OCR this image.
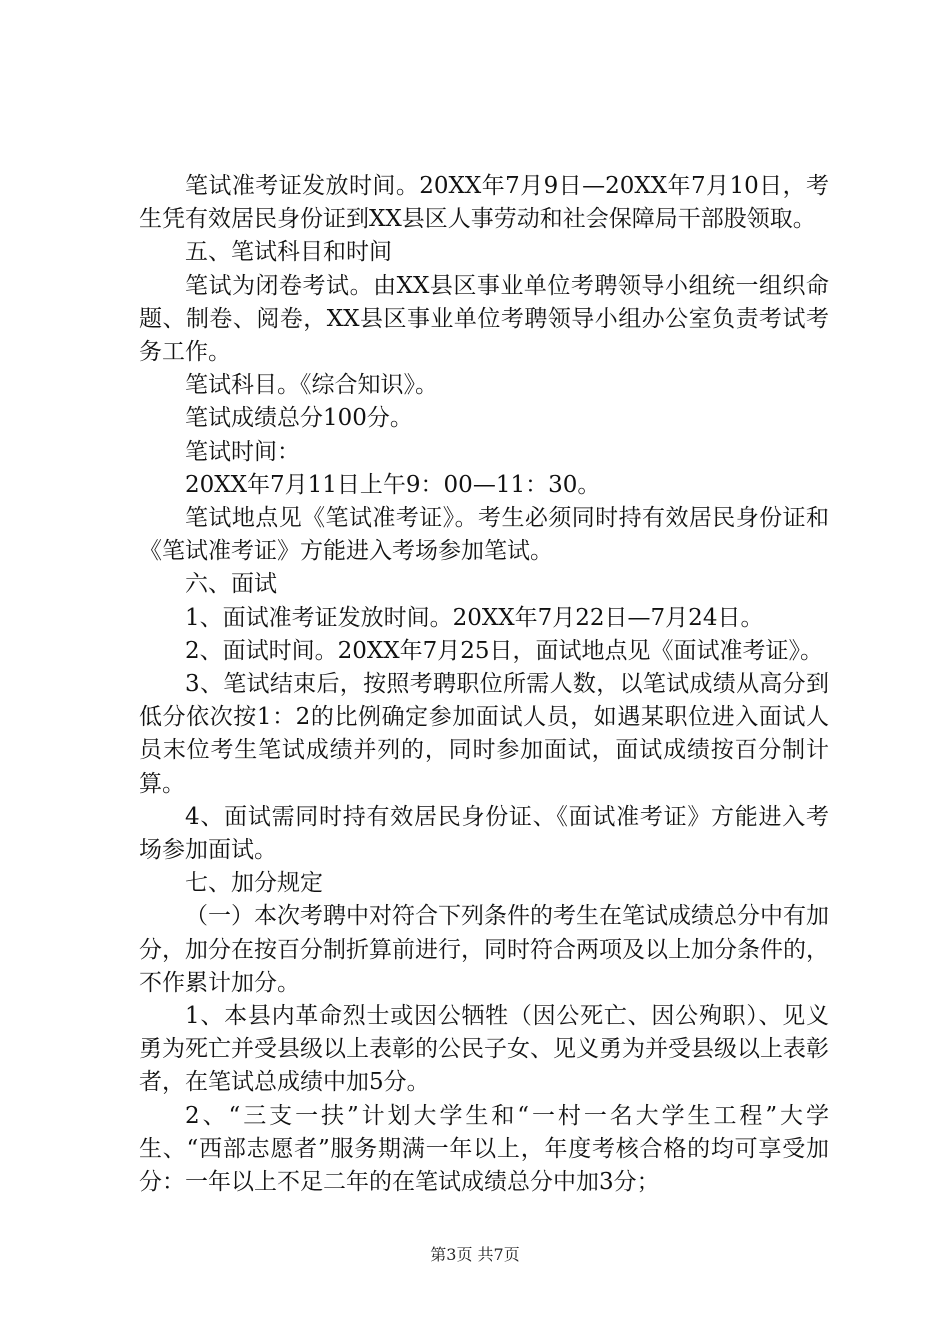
笔试准考证发放时间。20XX年7月9日—20XX年7月10日，考生凭有效居民身份证到XX县区人事劳动和社会保障局干部股领取。

五、笔试科目和时间

笔试为闭卷考试。由XX县区事业单位考聘领导小组统一组织命题、制卷、阅卷，XX县区事业单位考聘领导小组办公室负责考试考务工作。

笔试科目。《综合知识》。

笔试成绩总分100分。

笔试时间：

20XX年7月11日上午9：00—11：30。

笔试地点见《笔试准考证》。考生必须同时持有效居民身份证和《笔试准考证》方能进入考场参加笔试。

六、面试

1、面试准考证发放时间。20XX年7月22日—7月24日。

2、面试时间。20XX年7月25日，面试地点见《面试准考证》。

3、笔试结束后，按照考聘职位所需人数，以笔试成绩从高分到低分依次按1：2的比例确定参加面试人员，如遇某职位进入面试人员末位考生笔试成绩并列的，同时参加面试，面试成绩按百分制计算。

4、面试需同时持有效居民身份证、《面试准考证》方能进入考场参加面试。

七、加分规定

（一）本次考聘中对符合下列条件的考生在笔试成绩总分中有加分，加分在按百分制折算前进行，同时符合两项及以上加分条件的，不作累计加分。

1、本县内革命烈士或因公牺牲（因公死亡、因公殉职）、见义勇为死亡并受县级以上表彰的公民子女、见义勇为并受县级以上表彰者，在笔试总成绩中加5分。

2、“三支一扶”计划大学生和“一村一名大学生工程”大学生、“西部志愿者”服务期满一年以上，年度考核合格的均可享受加分：一年以上不足二年的在笔试成绩总分中加3分；

第3页 共7页
